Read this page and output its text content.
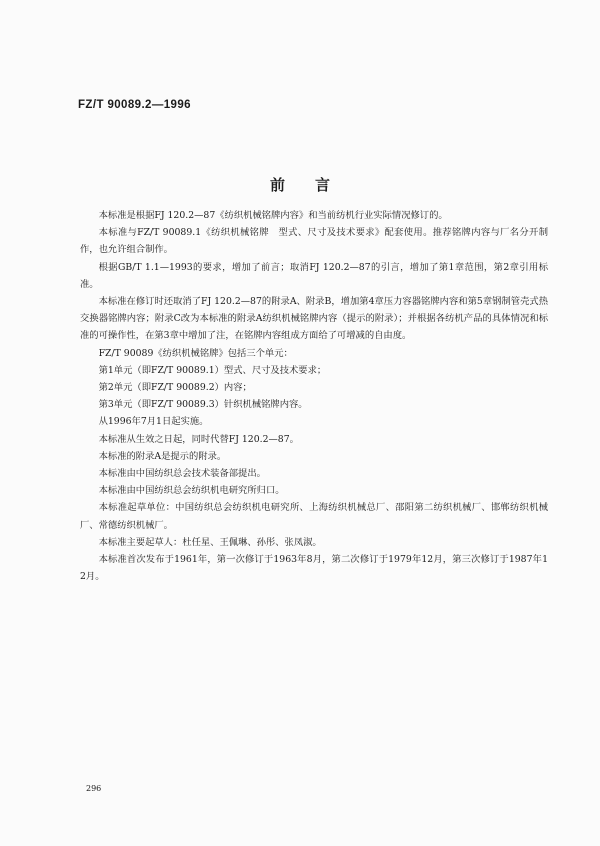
FZ/T 90089.2—1996
前言

本标准是根据FJ 120.2—87《纺织机械铭牌内容》和当前纺机行业实际情况修订的。

本标准与FZ/T 90089.1《纺织机械铭牌　型式、尺寸及技术要求》配套使用。推荐铭牌内容与厂名分开制作，也允许组合制作。

根据GB/T 1.1—1993的要求，增加了前言；取消FJ 120.2—87的引言，增加了第1章范围，第2章引用标准。

本标准在修订时还取消了FJ 120.2—87的附录A、附录B，增加第4章压力容器铭牌内容和第5章钢制管壳式热交换器铭牌内容；附录C改为本标准的附录A纺织机械铭牌内容（提示的附录）；并根据各纺机产品的具体情况和标准的可操作性，在第3章中增加了注，在铭牌内容组成方面给了可增减的自由度。

FZ/T 90089《纺织机械铭牌》包括三个单元：

第1单元（即FZ/T 90089.1）型式、尺寸及技术要求；

第2单元（即FZ/T 90089.2）内容；

第3单元（即FZ/T 90089.3）针织机械铭牌内容。

从1996年7月1日起实施。

本标准从生效之日起，同时代替FJ 120.2—87。

本标准的附录A是提示的附录。

本标准由中国纺织总会技术装备部提出。

本标准由中国纺织总会纺织机电研究所归口。

本标准起草单位：中国纺织总会纺织机电研究所、上海纺织机械总厂、邵阳第二纺织机械厂、邯郸纺织机械厂、常德纺织机械厂。

本标准主要起草人：杜任星、王佩琳、孙彤、张凤淑。

本标准首次发布于1961年，第一次修订于1963年8月，第二次修订于1979年12月，第三次修订于1987年12月。

296
